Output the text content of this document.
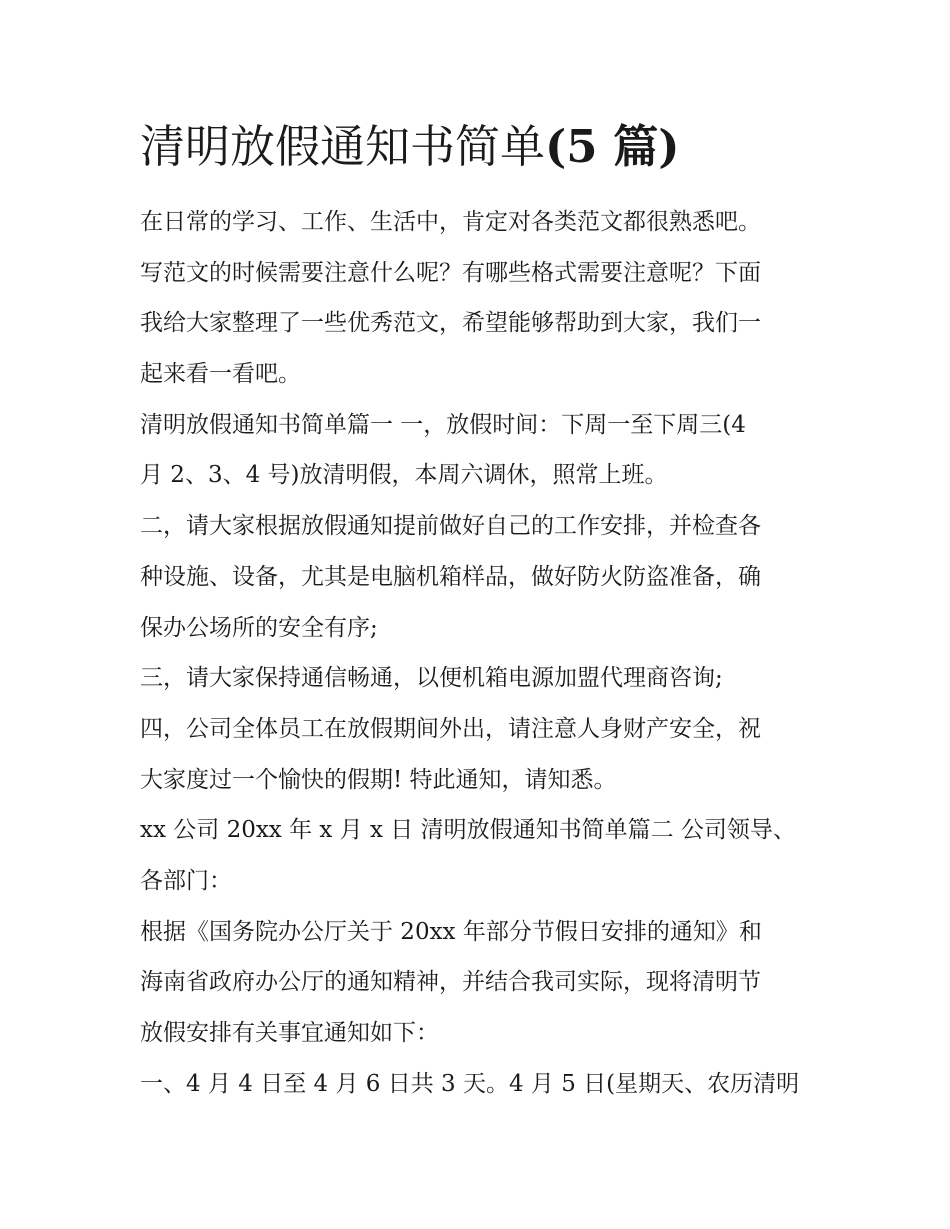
清明放假通知书简单(5 篇)
在日常的学习、工作、生活中，肯定对各类范文都很熟悉吧。
写范文的时候需要注意什么呢？有哪些格式需要注意呢？下面
我给大家整理了一些优秀范文，希望能够帮助到大家，我们一
起来看一看吧。
清明放假通知书简单篇一 一，放假时间：下周一至下周三(4
月 2、3、4 号)放清明假，本周六调休，照常上班。
二，请大家根据放假通知提前做好自己的工作安排，并检查各
种设施、设备，尤其是电脑机箱样品，做好防火防盗准备，确
保办公场所的安全有序;
三，请大家保持通信畅通，以便机箱电源加盟代理商咨询;
四，公司全体员工在放假期间外出，请注意人身财产安全，祝
大家度过一个愉快的假期! 特此通知，请知悉。
xx 公司 20xx 年 x 月 x 日 清明放假通知书简单篇二 公司领导、
各部门：
根据《国务院办公厅关于 20xx 年部分节假日安排的通知》和
海南省政府办公厅的通知精神，并结合我司实际，现将清明节
放假安排有关事宜通知如下：
一、4 月 4 日至 4 月 6 日共 3 天。4 月 5 日(星期天、农历清明
